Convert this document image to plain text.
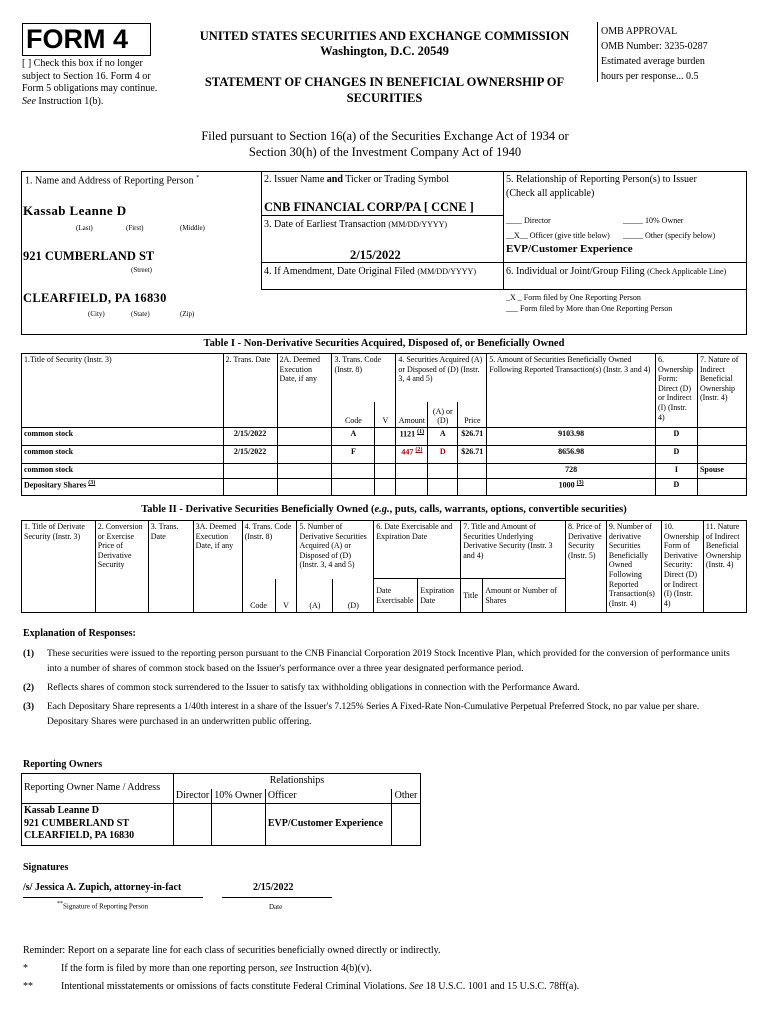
FORM 4
[ ] Check this box if no longer subject to Section 16. Form 4 or Form 5 obligations may continue. See Instruction 1(b).
UNITED STATES SECURITIES AND EXCHANGE COMMISSION
Washington, D.C. 20549
STATEMENT OF CHANGES IN BENEFICIAL OWNERSHIP OF
SECURITIES
OMB APPROVAL
OMB Number: 3235-0287
Estimated average burden
hours per response... 0.5
Filed pursuant to Section 16(a) of the Securities Exchange Act of 1934 or
Section 30(h) of the Investment Company Act of 1940
1. Name and Address of Reporting Person *
Kassab Leanne D
(Last)	(First)	(Middle)
921 CUMBERLAND ST
(Street)
CLEARFIELD, PA 16830
(City)	(State)	(Zip)
2. Issuer Name and Ticker or Trading Symbol
CNB FINANCIAL CORP/PA [ CCNE ]
3. Date of Earliest Transaction (MM/DD/YYYY)
2/15/2022
4. If Amendment, Date Original Filed (MM/DD/YYYY)
5. Relationship of Reporting Person(s) to Issuer
(Check all applicable)
____ Director	_____ 10% Owner
__X__ Officer (give title below) _____ Other (specify below)
EVP/Customer Experience
6. Individual or Joint/Group Filing (Check Applicable Line)
_X _ Form filed by One Reporting Person
___ Form filed by More than One Reporting Person
Table I - Non-Derivative Securities Acquired, Disposed of, or Beneficially Owned
1.Title of Security (Instr. 3)	2. Trans. Date	2A. Deemed Execution Date, if any	3. Trans. Code (Instr. 8)		4. Securities Acquired (A) or Disposed of (D) (Instr. 3, 4 and 5)			5. Amount of Securities Beneficially Owned Following Reported Transaction(s) (Instr. 3 and 4)	6. Ownership Form: Direct (D) or Indirect (I) (Instr. 4)	7. Nature of Indirect Beneficial Ownership (Instr. 4)
			Code	V	Amount	(A) or (D)	Price			
common stock	2/15/2022		A		1121 $^{(1)}$	A	$26.71	9103.98	D	
common stock	2/15/2022		F		447 $^{(2)}$	D	$26.71	8656.98	D	
common stock								728	I	Spouse
Depositary Shares $^{(3)}$								1000 $^{(3)}$	D	
Table II - Derivative Securities Beneficially Owned (e.g., puts, calls, warrants, options, convertible securities)
1. Title of Derivate Security (Instr. 3)	2. Conversion or Exercise Price of Derivative Security	3. Trans. Date	3A. Deemed Execution Date, if any	4. Trans. Code (Instr. 8)		5. Number of Derivative Securities Acquired (A) or Disposed of (D) (Instr. 3, 4 and 5)		6. Date Exercisable and Expiration Date		7. Title and Amount of Securities Underlying Derivative Security (Instr. 3 and 4)		8. Price of Derivative Security (Instr. 5)	9. Number of derivative Securities Beneficially Owned Following Reported Transaction(s) (Instr. 4)	10. Ownership Form of Derivative Security: Direct (D) or Indirect (I) (Instr. 4)	11. Nature of Indirect Beneficial Ownership (Instr. 4)
				Code	V	(A)	(D)	Date Exercisable	Expiration Date	Title	Amount or Number of Shares				
Explanation of Responses:
(1)	These securities were issued to the reporting person pursuant to the CNB Financial Corporation 2019 Stock Incentive Plan, which provided for the conversion of performance units into a number of shares of common stock based on the Issuer's performance over a three year designated performance period.
(2)	Reflects shares of common stock surrendered to the Issuer to satisfy tax withholding obligations in connection with the Performance Award.
(3)	Each Depositary Share represents a 1/40th interest in a share of the Issuer's 7.125% Series A Fixed-Rate Non-Cumulative Perpetual Preferred Stock, no par value per share. Depositary Shares were purchased in an underwritten public offering.
Reporting Owners
Reporting Owner Name / Address	Relationships			
	Director	10% Owner	Officer	Other

Kassab Leanne D
921 CUMBERLAND ST
CLEARFIELD, PA 16830			EVP/Customer Experience	
Signatures
/s/ Jessica A. Zupich, attorney-in-fact	2/15/2022
**Signature of Reporting Person	Date
Reminder: Report on a separate line for each class of securities beneficially owned directly or indirectly.
*	If the form is filed by more than one reporting person, see Instruction 4(b)(v).
**	Intentional misstatements or omissions of facts constitute Federal Criminal Violations. See 18 U.S.C. 1001 and 15 U.S.C. 78ff(a).
